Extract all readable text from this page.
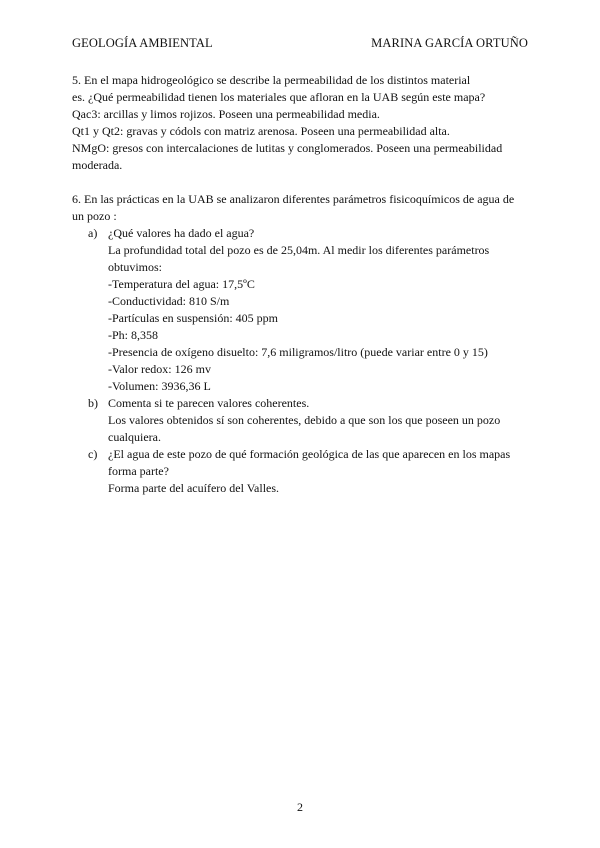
GEOLOGÍA AMBIENTAL	MARINA GARCÍA ORTUÑO

5. En el mapa hidrogeológico se describe la permeabilidad de los distintos material

es. ¿Qué permeabilidad tienen los materiales que afloran en la UAB según este mapa?

Qac3: arcillas y limos rojizos. Poseen una permeabilidad media.

Qt1 y Qt2: gravas y códols con matriz arenosa. Poseen una permeabilidad alta.

NMgO: gresos con intercalaciones de lutitas y conglomerados. Poseen una permeabilidad

moderada.

6. En las prácticas en la UAB se analizaron diferentes parámetros fisicoquímicos de agua de

un pozo :

a) ¿Qué valores ha dado el agua?
La profundidad total del pozo es de 25,04m. Al medir los diferentes parámetros
obtuvimos:
-Temperatura del agua: 17,5ºC
-Conductividad: 810 S/m
-Partículas en suspensión: 405 ppm
-Ph: 8,358
-Presencia de oxígeno disuelto: 7,6 miligramos/litro (puede variar entre 0 y 15)
-Valor redox: 126 mv
-Volumen: 3936,36 L
b) Comenta si te parecen valores coherentes.
Los valores obtenidos sí son coherentes, debido a que son los que poseen un pozo
cualquiera.
c) ¿El agua de este pozo de qué formación geológica de las que aparecen en los mapas
forma parte?
Forma parte del acuífero del Valles.
2
